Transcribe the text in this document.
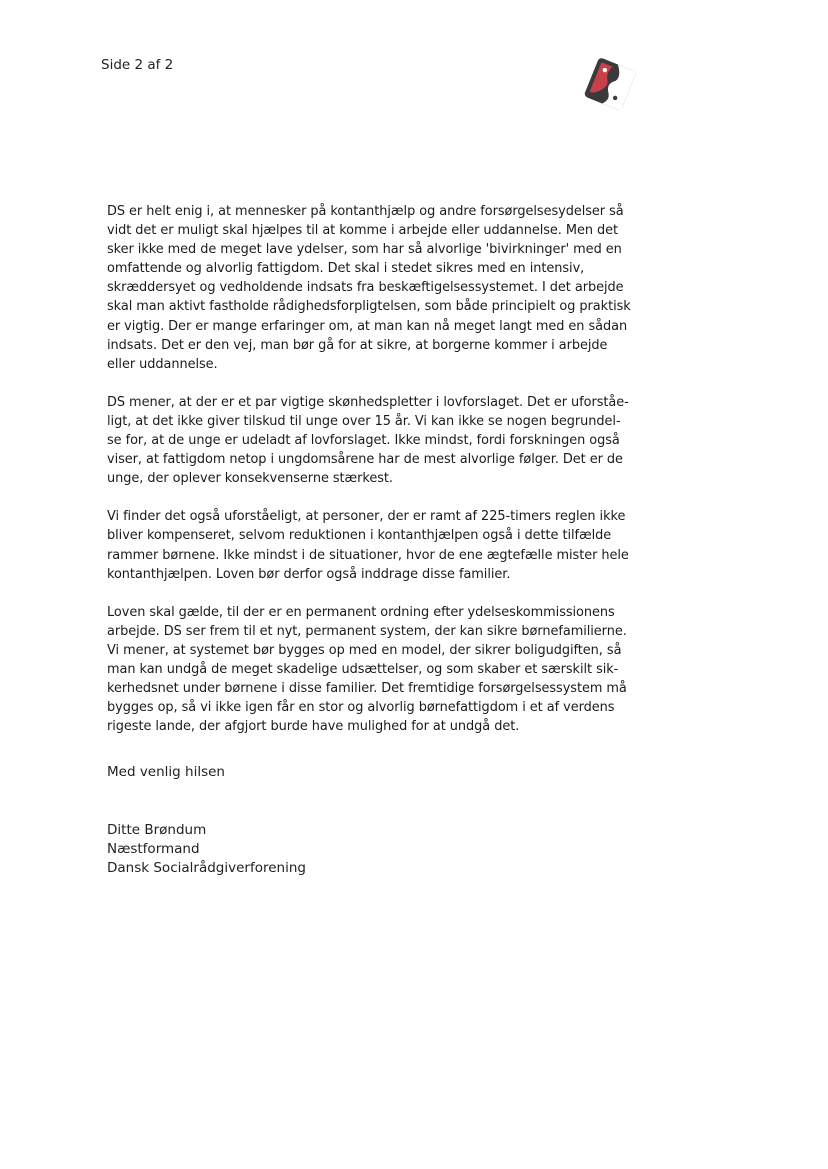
Side 2 af 2

DS er helt enig i, at mennesker på kontanthjælp og andre forsørgelsesydelser så
vidt det er muligt skal hjælpes til at komme i arbejde eller uddannelse. Men det
sker ikke med de meget lave ydelser, som har så alvorlige 'bivirkninger' med en
omfattende og alvorlig fattigdom. Det skal i stedet sikres med en intensiv,
skræddersyet og vedholdende indsats fra beskæftigelsessystemet. I det arbejde
skal man aktivt fastholde rådighedsforpligtelsen, som både principielt og praktisk
er vigtig. Der er mange erfaringer om, at man kan nå meget langt med en sådan
indsats. Det er den vej, man bør gå for at sikre, at borgerne kommer i arbejde
eller uddannelse.

DS mener, at der er et par vigtige skønhedspletter i lovforslaget. Det er uforståe-
ligt, at det ikke giver tilskud til unge over 15 år. Vi kan ikke se nogen begrundel-
se for, at de unge er udeladt af lovforslaget. Ikke mindst, fordi forskningen også
viser, at fattigdom netop i ungdomsårene har de mest alvorlige følger. Det er de
unge, der oplever konsekvenserne stærkest.

Vi finder det også uforståeligt, at personer, der er ramt af 225-timers reglen ikke
bliver kompenseret, selvom reduktionen i kontanthjælpen også i dette tilfælde
rammer børnene. Ikke mindst i de situationer, hvor de ene ægtefælle mister hele
kontanthjælpen. Loven bør derfor også inddrage disse familier.

Loven skal gælde, til der er en permanent ordning efter ydelseskommissionens
arbejde. DS ser frem til et nyt, permanent system, der kan sikre børnefamilierne.
Vi mener, at systemet bør bygges op med en model, der sikrer boligudgiften, så
man kan undgå de meget skadelige udsættelser, og som skaber et særskilt sik-
kerhedsnet under børnene i disse familier. Det fremtidige forsørgelsessystem må
bygges op, så vi ikke igen får en stor og alvorlig børnefattigdom i et af verdens
rigeste lande, der afgjort burde have mulighed for at undgå det.

Med venlig hilsen
Ditte Brøndum
Næstformand
Dansk Socialrådgiverforening
